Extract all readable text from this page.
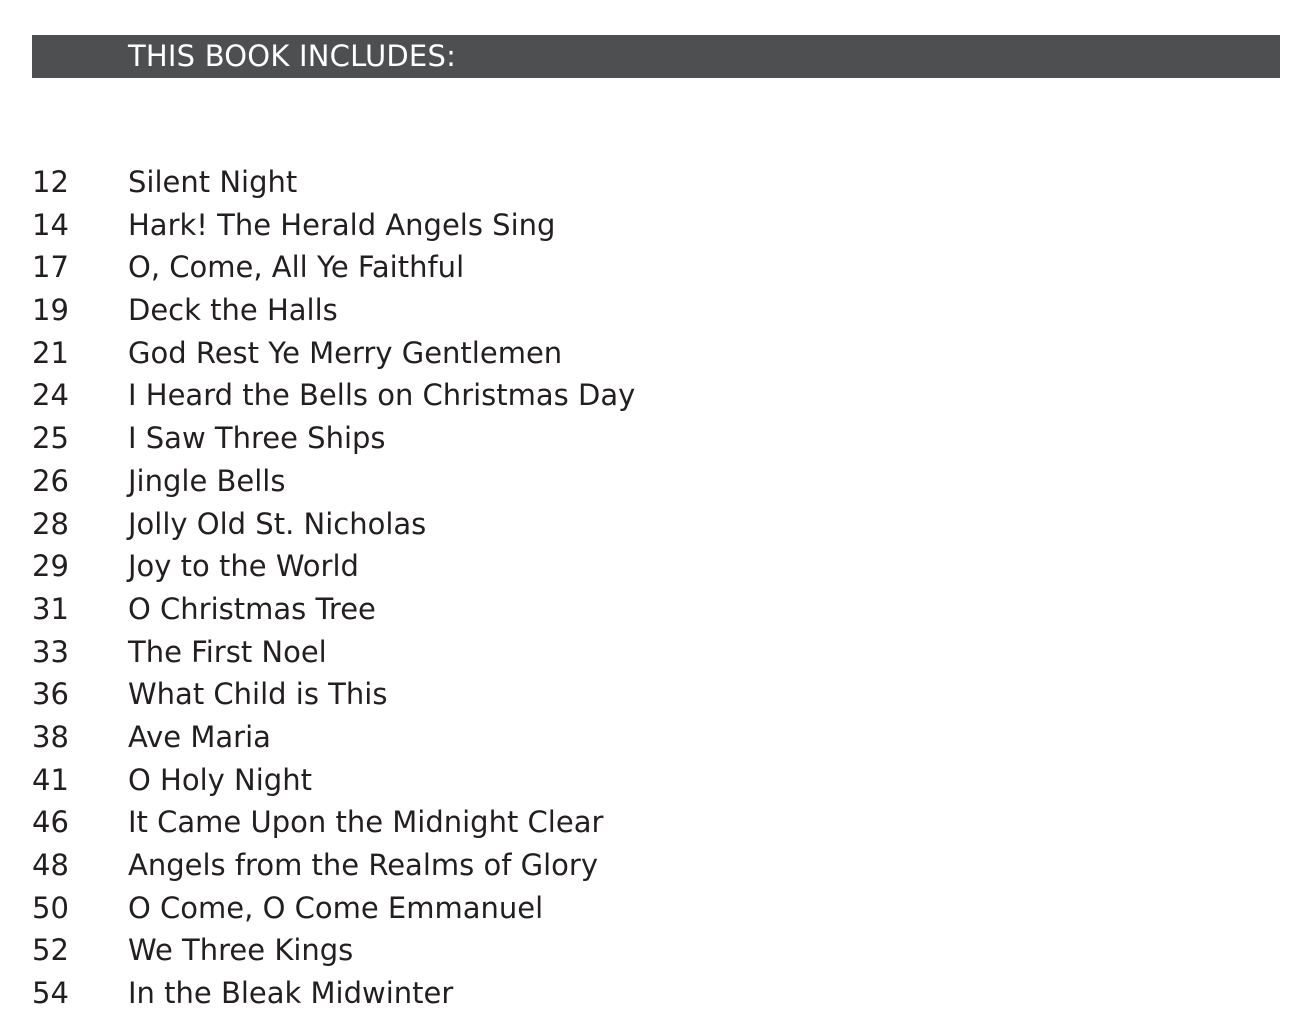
THIS BOOK INCLUDES:
12	Silent Night
14	Hark! The Herald Angels Sing
17	O, Come, All Ye Faithful
19	Deck the Halls
21	God Rest Ye Merry Gentlemen
24	I Heard the Bells on Christmas Day
25	I Saw Three Ships
26	Jingle Bells
28	Jolly Old St. Nicholas
29	Joy to the World
31	O Christmas Tree
33	The First Noel
36	What Child is This
38	Ave Maria
41	O Holy Night
46	It Came Upon the Midnight Clear
48	Angels from the Realms of Glory
50	O Come, O Come Emmanuel
52	We Three Kings
54	In the Bleak Midwinter
